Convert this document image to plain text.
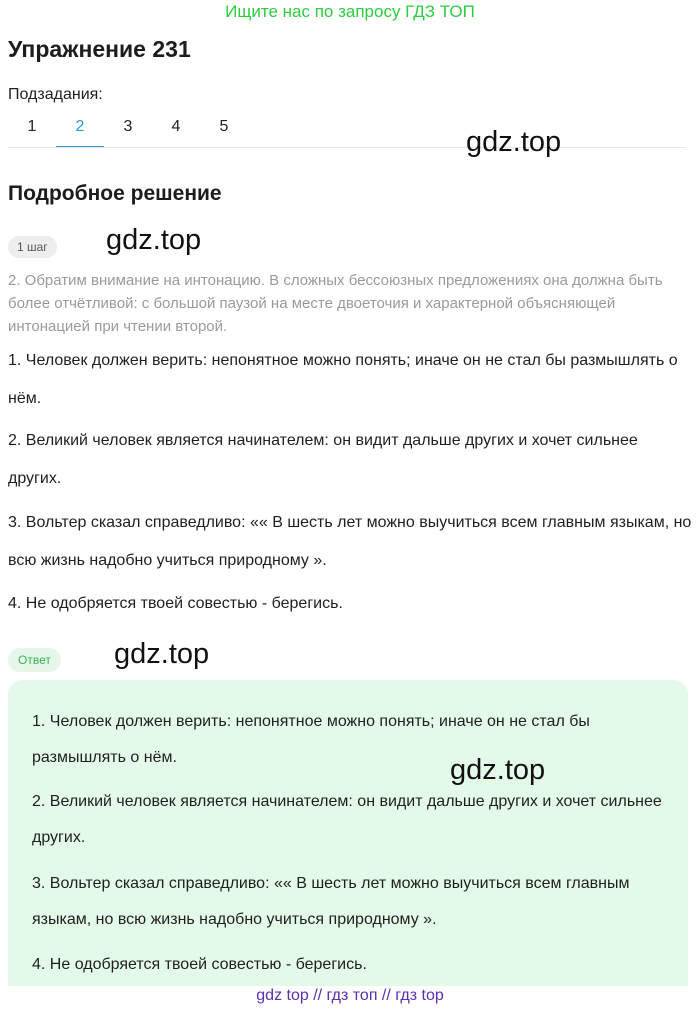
Ищите нас по запросу ГДЗ ТОП
Упражнение 231
Подзадания:
1	2	3	4	5	gdz.top
Подробное решение
1 шаг	gdz.top
2. Обратим внимание на интонацию. В сложных бессоюзных предложениях она должна быть более отчётливой: с большой паузой на месте двоеточия и характерной объясняющей интонацией при чтении второй.
1. Человек должен верить: непонятное можно понять; иначе он не стал бы размышлять о нём.
2. Великий человек является начинателем: он видит дальше других и хочет сильнее других.
3. Вольтер сказал справедливо: «« В шесть лет можно выучиться всем главным языкам, но всю жизнь надобно учиться природному ».
4. Не одобряется твоей совестью - берегись.
Ответ	gdz.top
1. Человек должен верить: непонятное можно понять; иначе он не стал бы размышлять о нём.
2. Великий человек является начинателем: он видит дальше других и хочет сильнее других.
3. Вольтер сказал справедливо: «« В шесть лет можно выучиться всем главным языкам, но всю жизнь надобно учиться природному ».
4. Не одобряется твоей совестью - берегись.
gdz.top
gdz top // гдз топ // гдз top
